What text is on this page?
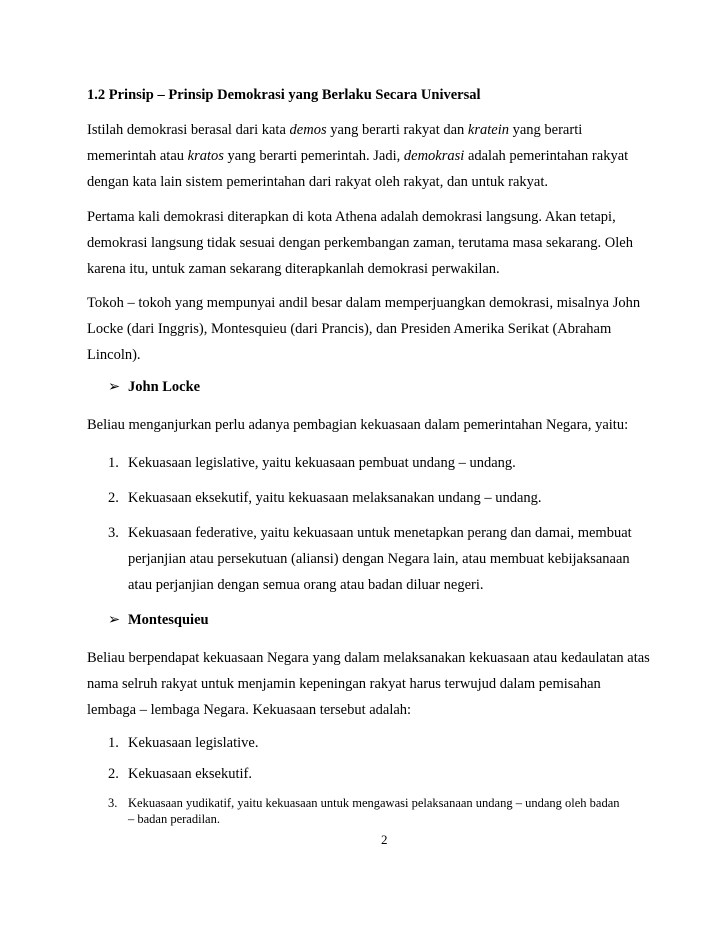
1.2 Prinsip – Prinsip Demokrasi yang Berlaku Secara Universal
Istilah demokrasi berasal dari kata demos yang berarti rakyat dan kratein yang berarti memerintah atau kratos yang berarti pemerintah. Jadi, demokrasi adalah pemerintahan rakyat dengan kata lain sistem pemerintahan dari rakyat oleh rakyat, dan untuk rakyat.
Pertama kali demokrasi diterapkan di kota Athena adalah demokrasi langsung. Akan tetapi, demokrasi langsung tidak sesuai dengan perkembangan zaman, terutama masa sekarang. Oleh karena itu, untuk zaman sekarang diterapkanlah demokrasi perwakilan.
Tokoh – tokoh yang mempunyai andil besar dalam memperjuangkan demokrasi, misalnya John Locke (dari Inggris), Montesquieu (dari Prancis), dan Presiden Amerika Serikat (Abraham Lincoln).
➢ John Locke
Beliau menganjurkan perlu adanya pembagian kekuasaan dalam pemerintahan Negara, yaitu:
1. Kekuasaan legislative, yaitu kekuasaan pembuat undang – undang.
2. Kekuasaan eksekutif, yaitu kekuasaan melaksanakan undang – undang.
3. Kekuasaan federative, yaitu kekuasaan untuk menetapkan perang dan damai, membuat perjanjian atau persekutuan (aliansi) dengan Negara lain, atau membuat kebijaksanaan atau perjanjian dengan semua orang atau badan diluar negeri.
➢ Montesquieu
Beliau berpendapat kekuasaan Negara yang dalam melaksanakan kekuasaan atau kedaulatan atas nama selruh rakyat untuk menjamin kepeningan rakyat harus terwujud dalam pemisahan lembaga – lembaga Negara. Kekuasaan tersebut adalah:
1. Kekuasaan legislative.
2. Kekuasaan eksekutif.
3. Kekuasaan yudikatif, yaitu kekuasaan untuk mengawasi pelaksanaan undang – undang oleh badan – badan peradilan.
2
